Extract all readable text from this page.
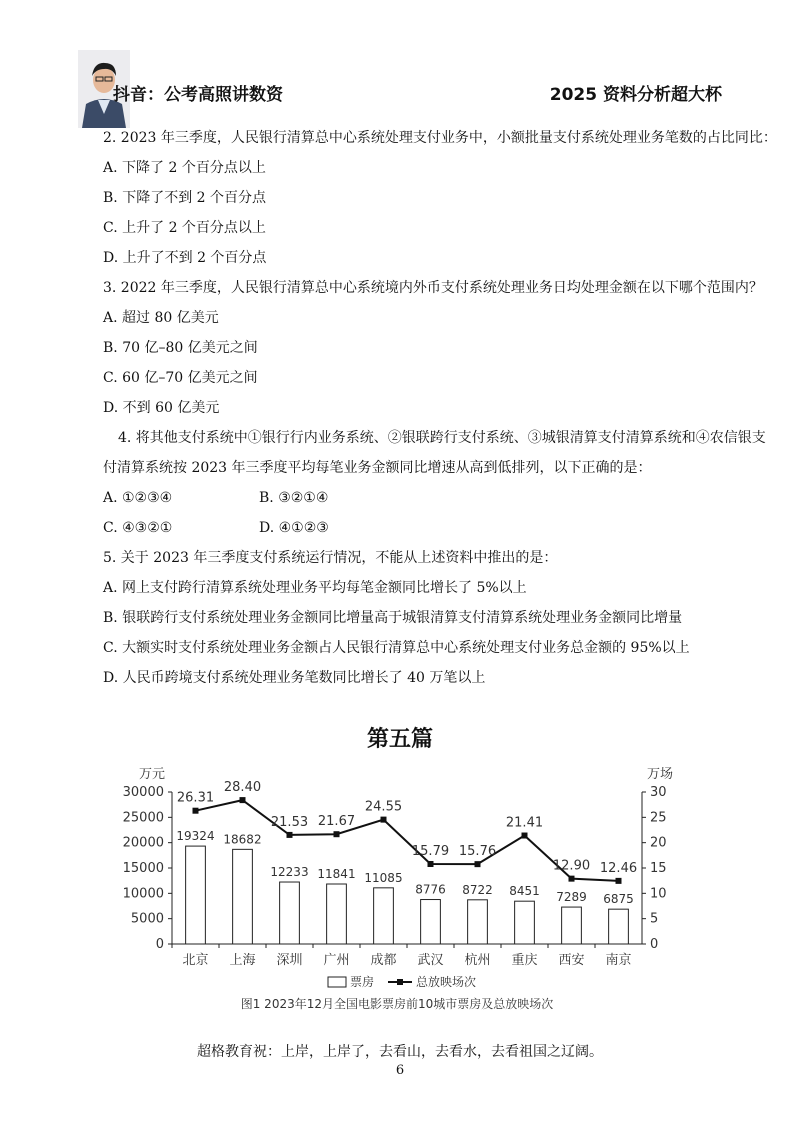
抖音：公考高照讲数资	2025 资料分析超大杯
2. 2023 年三季度，人民银行清算总中心系统处理支付业务中，小额批量支付系统处理业务笔数的占比同比：
A. 下降了 2 个百分点以上
B. 下降了不到 2 个百分点
C. 上升了 2 个百分点以上
D. 上升了不到 2 个百分点
3. 2022 年三季度，人民银行清算总中心系统境内外币支付系统处理业务日均处理金额在以下哪个范围内？
A. 超过 80 亿美元
B. 70 亿–80 亿美元之间
C. 60 亿–70 亿美元之间
D. 不到 60 亿美元
4. 将其他支付系统中①银行行内业务系统、②银联跨行支付系统、③城银清算支付清算系统和④农信银支
付清算系统按 2023 年三季度平均每笔业务金额同比增速从高到低排列，以下正确的是：
A. ①②③④	B. ③②①④
C. ④③②①	D. ④①②③
5. 关于 2023 年三季度支付系统运行情况，不能从上述资料中推出的是：
A. 网上支付跨行清算系统处理业务平均每笔金额同比增长了 5%以上
B. 银联跨行支付系统处理业务金额同比增量高于城银清算支付清算系统处理业务金额同比增量
C. 大额实时支付系统处理业务金额占人民银行清算总中心系统处理支付业务总金额的 95%以上
D. 人民币跨境支付系统处理业务笔数同比增长了 40 万笔以上
第五篇
万元	万场
0
5000
10000
15000
20000
25000
30000
0
5
10
15
20
25
30
19324 18682
12233 11841 11085
8776 8722 8451 7289 6875
北京 上海 深圳 广州 成都 武汉 杭州 重庆 西安 南京
26.31
28.40
21.53 21.67
24.55
15.79 15.76
21.41
12.90 12.46
票房	总放映场次
图1 2023年12月全国电影票房前10城市票房及总放映场次
超格教育祝：上岸，上岸了，去看山，去看水，去看祖国之辽阔。
6
